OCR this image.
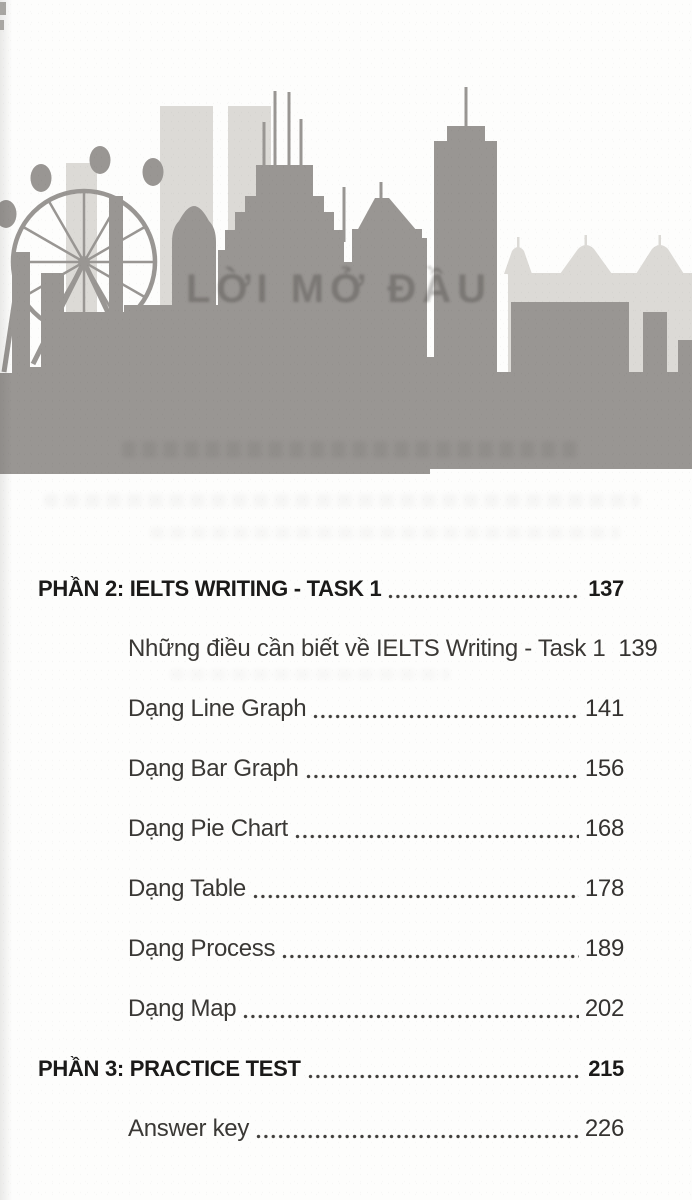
LỜI MỞ ĐẦU
PHẦN 2: IELTS WRITING - TASK 1	137
Những điều cần biết về IELTS Writing - Task 1 139
Dạng Line Graph	141
Dạng Bar Graph	156
Dạng Pie Chart	168
Dạng Table	178
Dạng Process	189
Dạng Map	202
PHẦN 3: PRACTICE TEST	215
Answer key	226
